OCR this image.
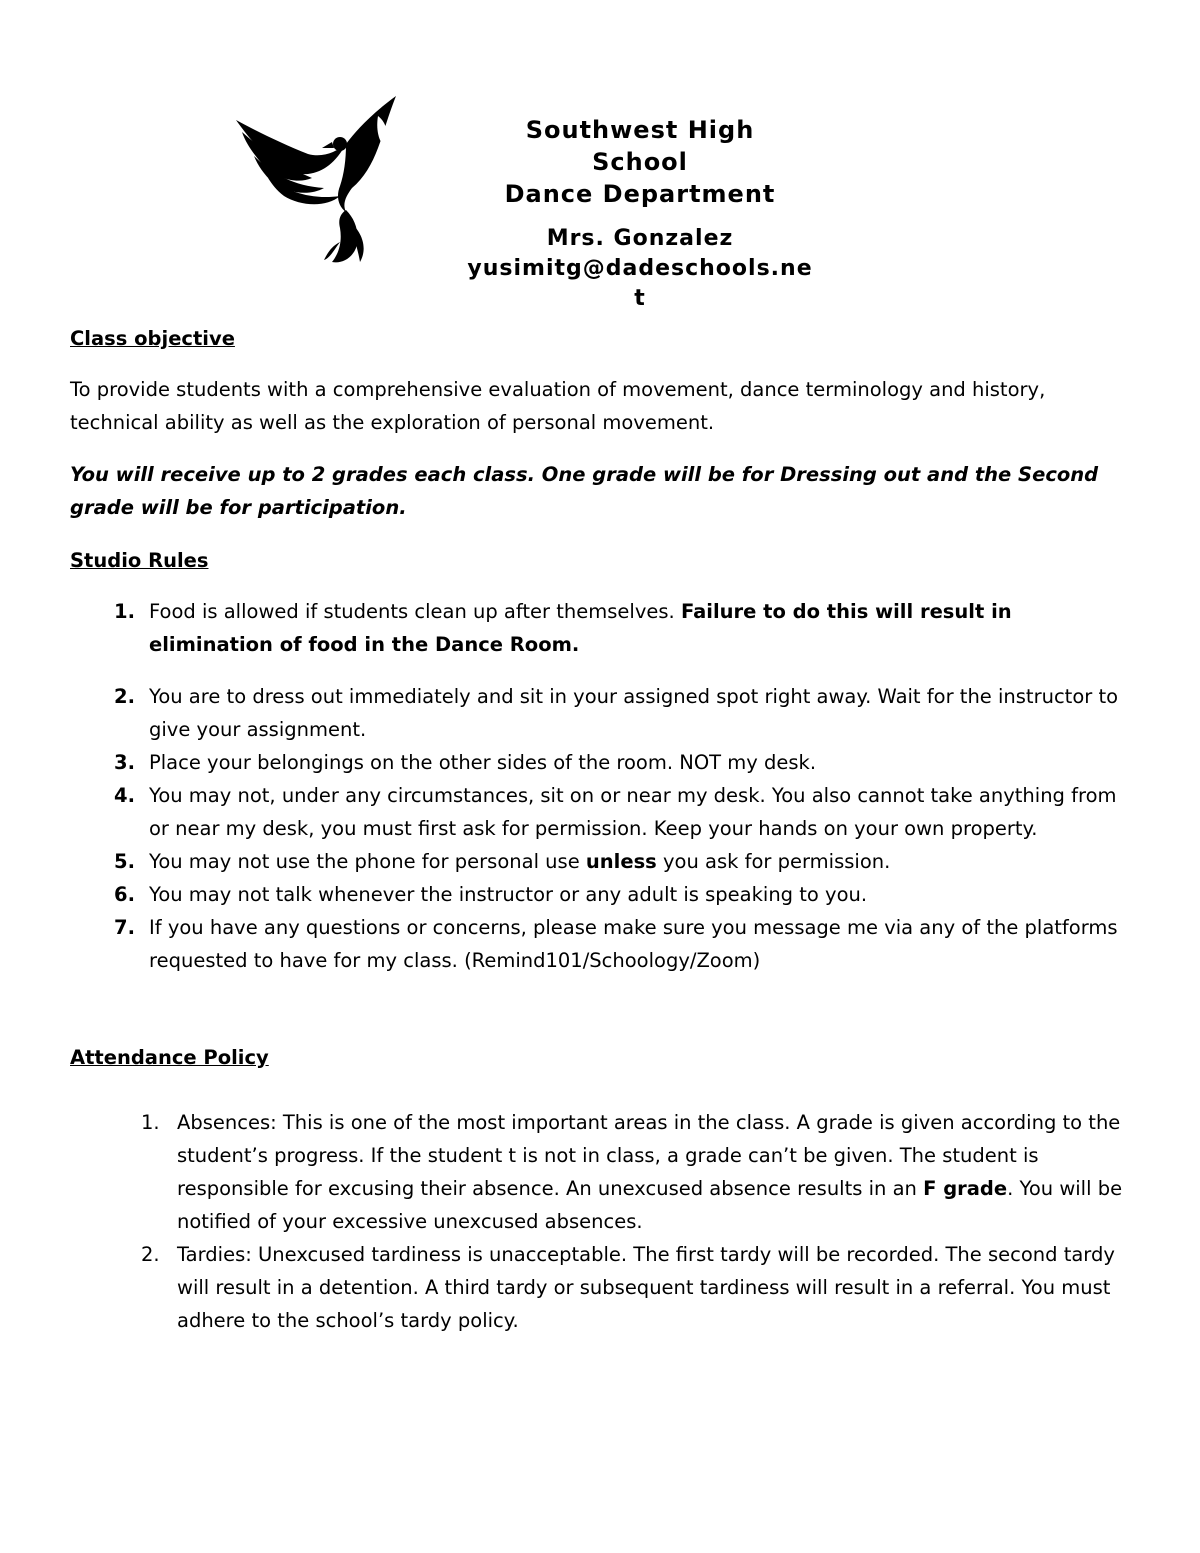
Southwest High
School
Dance Department
Mrs. Gonzalez
yusimitg@dadeschools.net

Class objective

To provide students with a comprehensive evaluation of movement, dance terminology and history, technical ability as well as the exploration of personal movement.

You will receive up to 2 grades each class. One grade will be for Dressing out and the Second grade will be for participation.

Studio Rules

1. Food is allowed if students clean up after themselves. Failure to do this will result in elimination of food in the Dance Room.
2. You are to dress out immediately and sit in your assigned spot right away. Wait for the instructor to give your assignment.
3. Place your belongings on the other sides of the room. NOT my desk.
4. You may not, under any circumstances, sit on or near my desk. You also cannot take anything from or near my desk, you must first ask for permission. Keep your hands on your own property.
5. You may not use the phone for personal use unless you ask for permission.
6. You may not talk whenever the instructor or any adult is speaking to you.
7. If you have any questions or concerns, please make sure you message me via any of the platforms requested to have for my class. (Remind101/Schoology/Zoom)

Attendance Policy

1. Absences: This is one of the most important areas in the class. A grade is given according to the student’s progress. If the student t is not in class, a grade can’t be given. The student is responsible for excusing their absence. An unexcused absence results in an F grade. You will be notified of your excessive unexcused absences.
2. Tardies: Unexcused tardiness is unacceptable. The first tardy will be recorded. The second tardy will result in a detention. A third tardy or subsequent tardiness will result in a referral. You must adhere to the school’s tardy policy.
